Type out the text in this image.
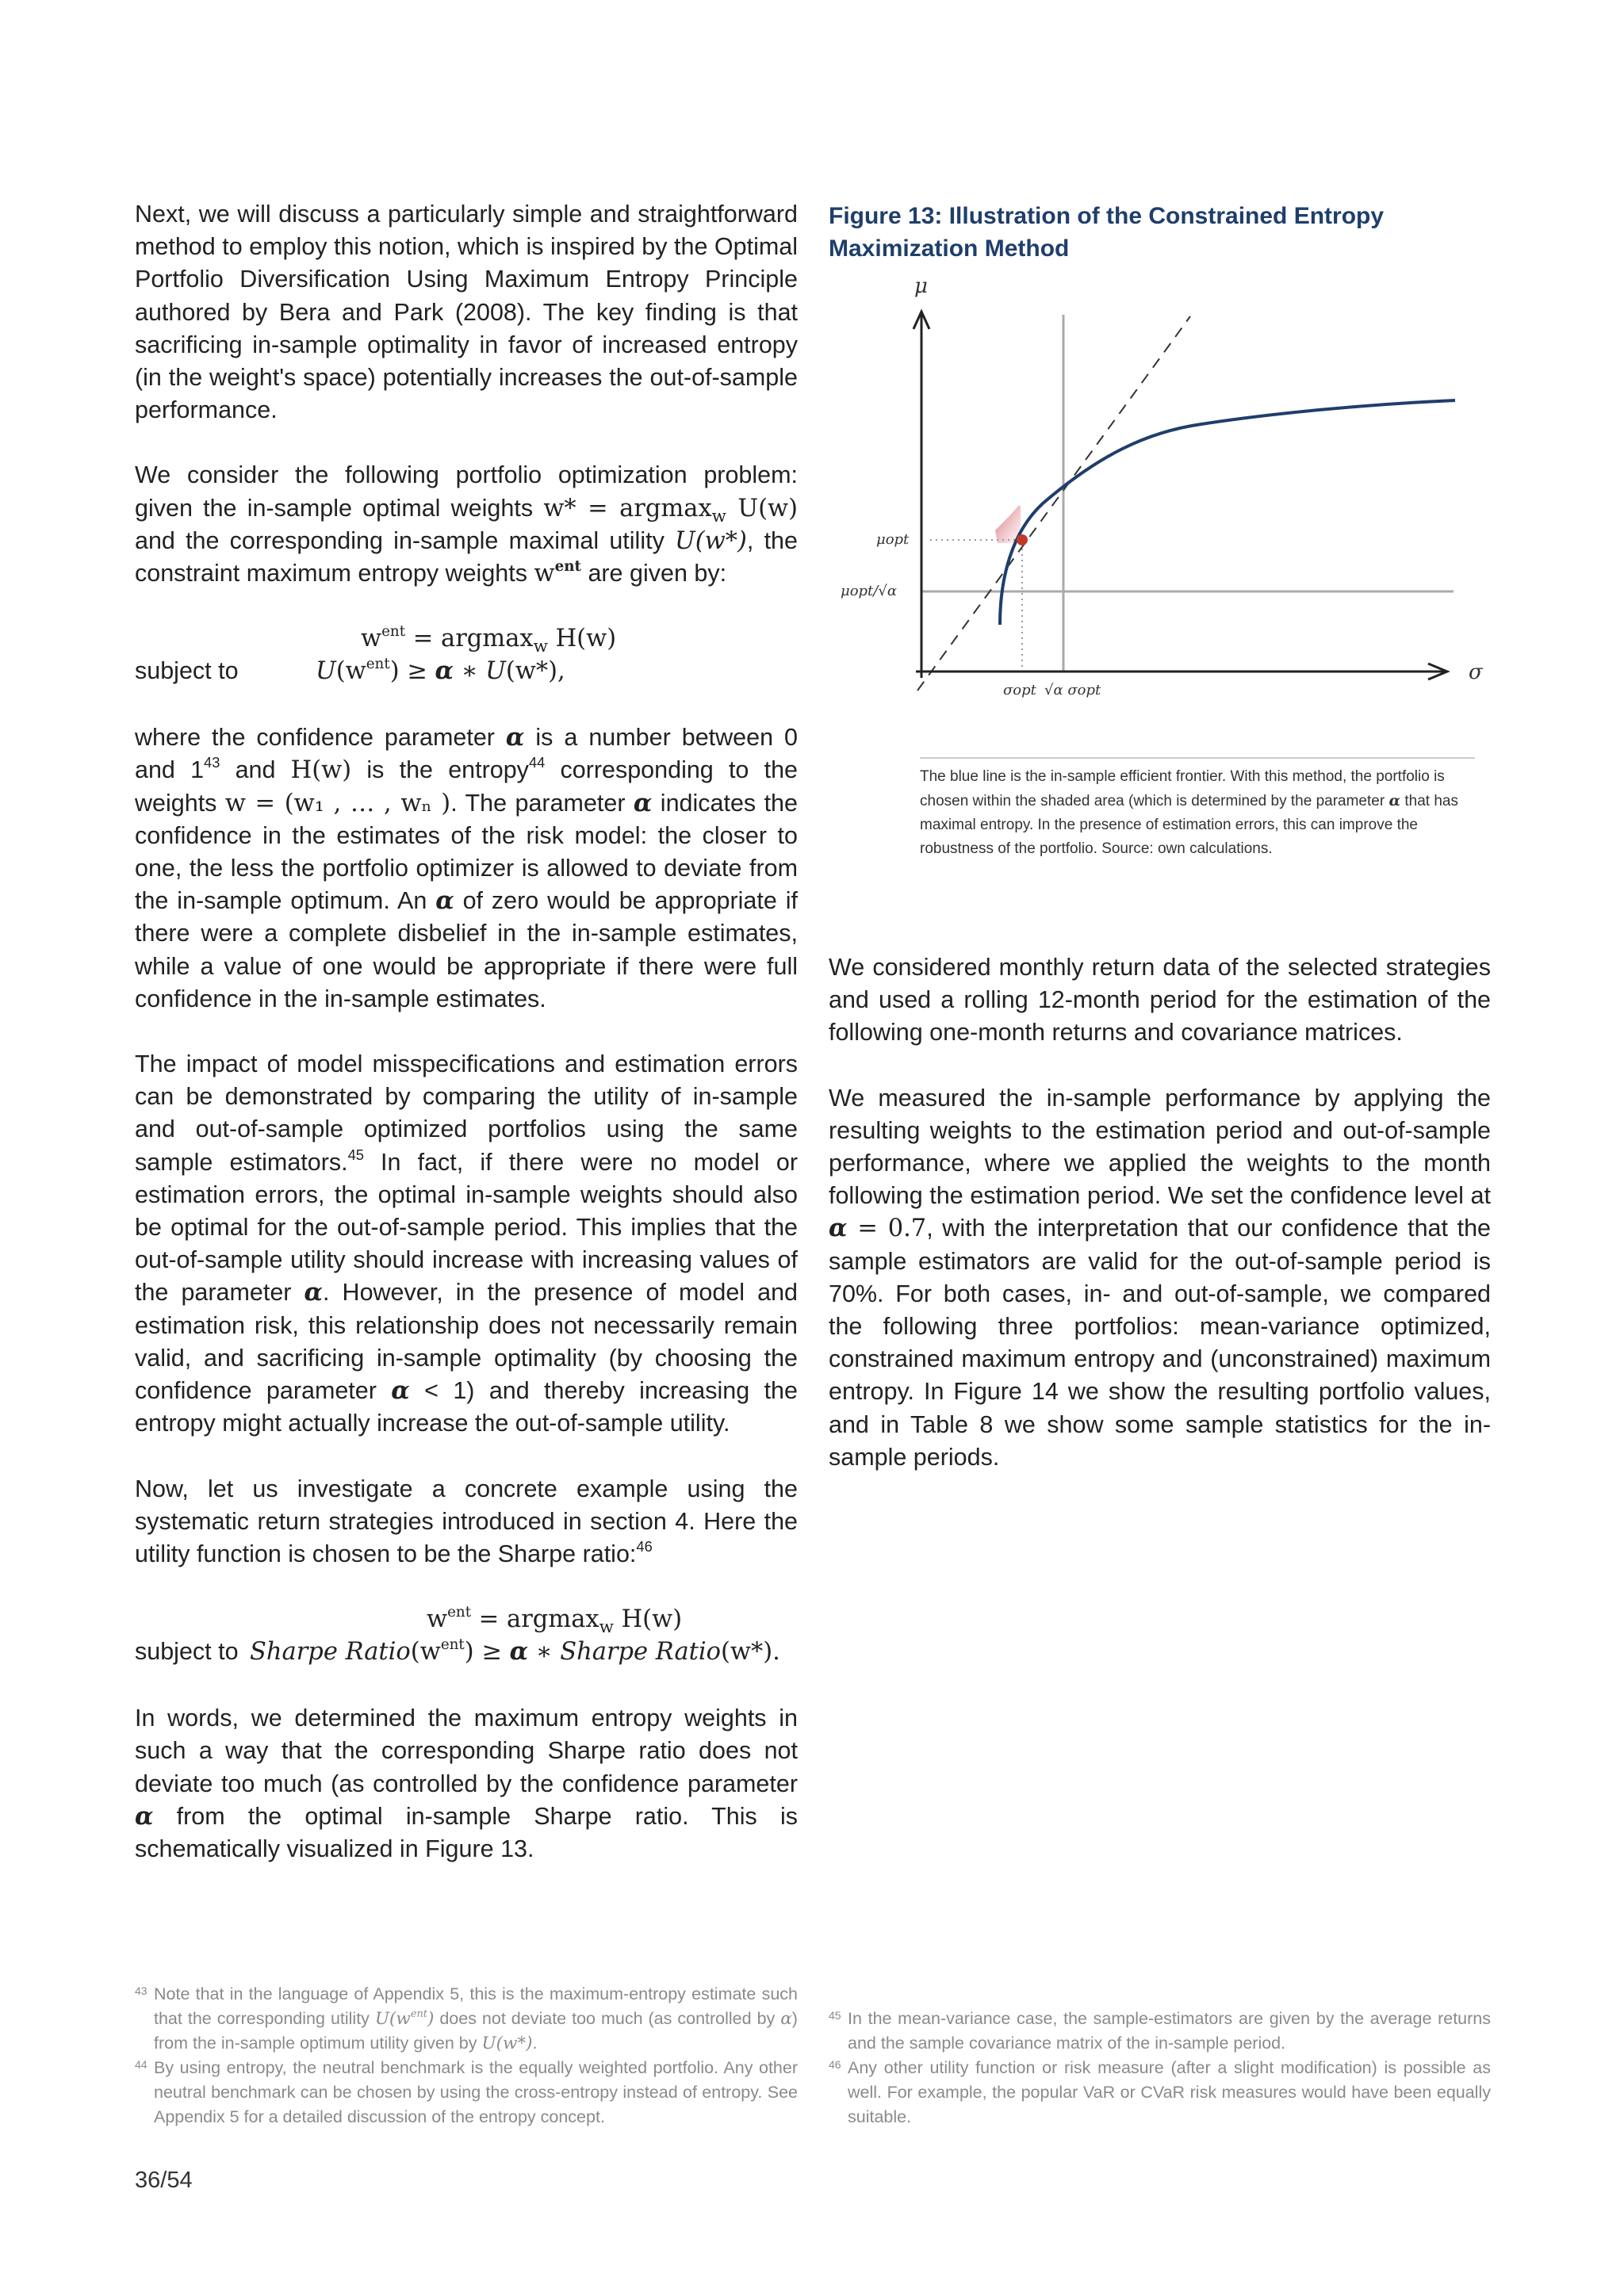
Next, we will discuss a particularly simple and straightforward method to employ this notion, which is inspired by the Optimal Portfolio Diversification Using Maximum Entropy Principle authored by Bera and Park (2008). The key finding is that sacrificing in-sample optimality in favor of increased entropy (in the weight's space) potentially increases the out-of-sample performance.

We consider the following portfolio optimization problem: given the in-sample optimal weights w* = argmax$_w$ U(w) and the corresponding in-sample maximal utility U(w*), the constraint maximum entropy weights $w^{ent}$ are given by:

$w^{ent} = argmax_w$ H(w)
subject to	$U(w^{ent}) \ge \alpha$ ∗ U(w*),

where the confidence parameter α is a number between 0 and $1^{43}$ and H(w) is the entropy$^{44}$ corresponding to the weights w = (w₁ , … , wₙ ). The parameter α indicates the confidence in the estimates of the risk model: the closer to one, the less the portfolio optimizer is allowed to deviate from the in-sample optimum. An α of zero would be appropriate if there were a complete disbelief in the in-sample estimates, while a value of one would be appropriate if there were full confidence in the in-sample estimates.

The impact of model misspecifications and estimation errors can be demonstrated by comparing the utility of in-sample and out-of-sample optimized portfolios using the same sample estimators.$^{45}$ In fact, if there were no model or estimation errors, the optimal in-sample weights should also be optimal for the out-of-sample period. This implies that the out-of-sample utility should increase with increasing values of the parameter α. However, in the presence of model and estimation risk, this relationship does not necessarily remain valid, and sacrificing in-sample optimality (by choosing the confidence parameter α < 1) and thereby increasing the entropy might actually increase the out-of-sample utility.

Now, let us investigate a concrete example using the systematic return strategies introduced in section 4. Here the utility function is chosen to be the Sharpe ratio:$^{46}$

$w^{ent} = argmax_w$ H(w)
subject to Sharpe $Ratio(w^{ent}) \ge \alpha$ ∗ Sharpe Ratio(w*).

In words, we determined the maximum entropy weights in such a way that the corresponding Sharpe ratio does not deviate too much (as controlled by the confidence parameter α from the optimal in-sample Sharpe ratio. This is schematically visualized in Figure 13.

Figure 13: Illustration of the Constrained Entropy Maximization Method
μ
σ
μopt
μopt/√α
σopt √α σopt
The blue line is the in-sample efficient frontier. With this method, the portfolio is chosen within the shaded area (which is determined by the parameter α that has maximal entropy. In the presence of estimation errors, this can improve the robustness of the portfolio. Source: own calculations.

We considered monthly return data of the selected strategies and used a rolling 12-month period for the estimation of the following one-month returns and covariance matrices.

We measured the in-sample performance by applying the resulting weights to the estimation period and out-of-sample performance, where we applied the weights to the month following the estimation period. We set the confidence level at α = 0.7, with the interpretation that our confidence that the sample estimators are valid for the out-of-sample period is 70%. For both cases, in- and out-of-sample, we compared the following three portfolios: mean-variance optimized, constrained maximum entropy and (unconstrained) maximum entropy. In Figure 14 we show the resulting portfolio values, and in Table 8 we show some sample statistics for the in-sample periods.

43 Note that in the language of Appendix 5, this is the maximum-entropy estimate such that the corresponding utility $U(w^{ent})$ does not deviate too much (as controlled by α) from the in-sample optimum utility given by U(w*).
44 By using entropy, the neutral benchmark is the equally weighted portfolio. Any other neutral benchmark can be chosen by using the cross-entropy instead of entropy. See Appendix 5 for a detailed discussion of the entropy concept.
45 In the mean-variance case, the sample-estimators are given by the average returns and the sample covariance matrix of the in-sample period.
46 Any other utility function or risk measure (after a slight modification) is possible as well. For example, the popular VaR or CVaR risk measures would have been equally suitable.
36/54
